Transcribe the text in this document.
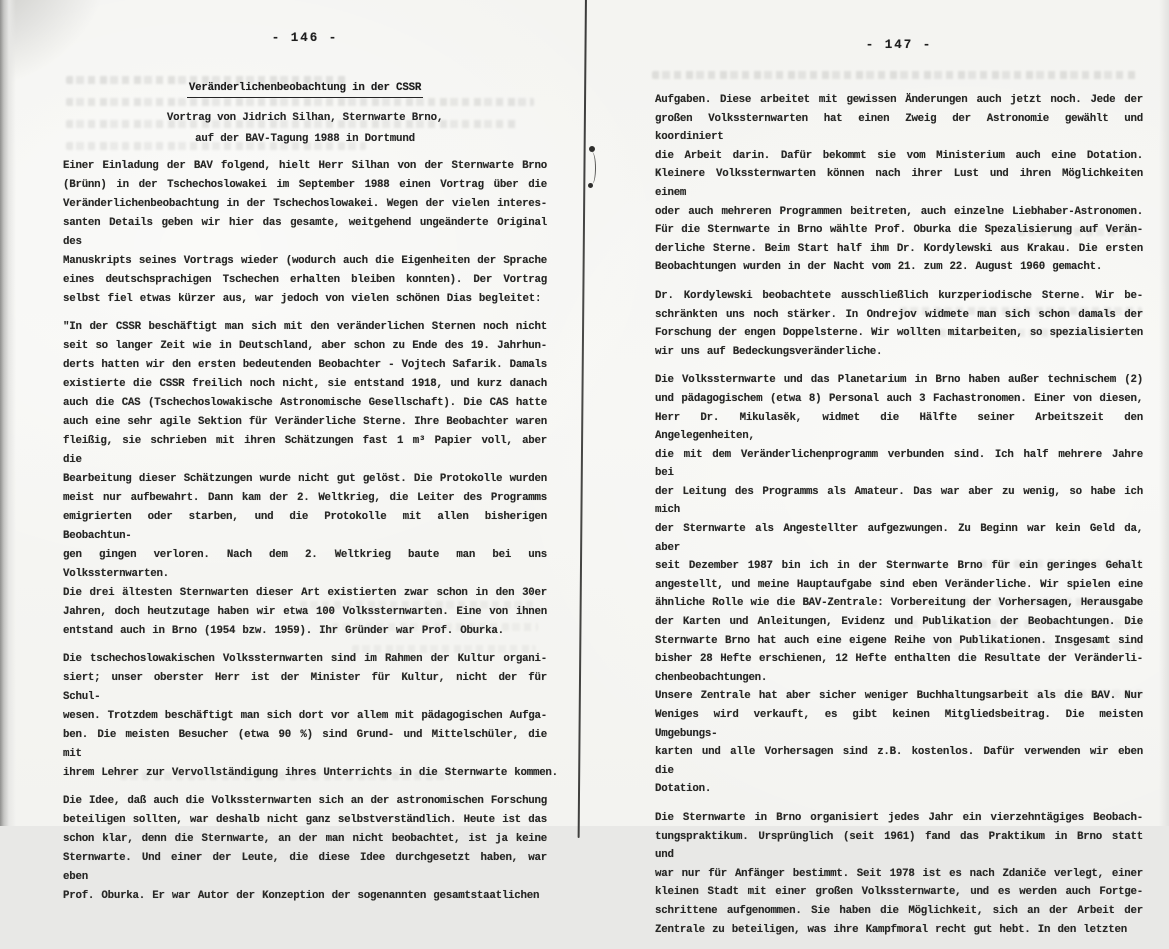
- 146 -
Veränderlichenbeobachtung in der CSSR
Vortrag von Jidrich Silhan, Sternwarte Brno,
auf der BAV-Tagung 1988 in Dortmund
Einer Einladung der BAV folgend, hielt Herr Silhan von der Sternwarte Brno
(Brünn) in der Tschechoslowakei im September 1988 einen Vortrag über die
Veränderlichenbeobachtung in der Tschechoslowakei. Wegen der vielen interes-
santen Details geben wir hier das gesamte, weitgehend ungeänderte Original des
Manuskripts seines Vortrags wieder (wodurch auch die Eigenheiten der Sprache
eines deutschsprachigen Tschechen erhalten bleiben konnten). Der Vortrag
selbst fiel etwas kürzer aus, war jedoch von vielen schönen Dias begleitet:
"In der CSSR beschäftigt man sich mit den veränderlichen Sternen noch nicht
seit so langer Zeit wie in Deutschland, aber schon zu Ende des 19. Jahrhun-
derts hatten wir den ersten bedeutenden Beobachter - Vojtech Safarik. Damals
existierte die CSSR freilich noch nicht, sie entstand 1918, und kurz danach
auch die CAS (Tschechoslowakische Astronomische Gesellschaft). Die CAS hatte
auch eine sehr agile Sektion für Veränderliche Sterne. Ihre Beobachter waren
fleißig, sie schrieben mit ihren Schätzungen fast 1 m³ Papier voll, aber die
Bearbeitung dieser Schätzungen wurde nicht gut gelöst. Die Protokolle wurden
meist nur aufbewahrt. Dann kam der 2. Weltkrieg, die Leiter des Programms
emigrierten oder starben, und die Protokolle mit allen bisherigen Beobachtun-
gen gingen verloren. Nach dem 2. Weltkrieg baute man bei uns Volkssternwarten.
Die drei ältesten Sternwarten dieser Art existierten zwar schon in den 30er
Jahren, doch heutzutage haben wir etwa 100 Volkssternwarten. Eine von ihnen
entstand auch in Brno (1954 bzw. 1959). Ihr Gründer war Prof. Oburka.
Die tschechoslowakischen Volkssternwarten sind im Rahmen der Kultur organi-
siert; unser oberster Herr ist der Minister für Kultur, nicht der für Schul-
wesen. Trotzdem beschäftigt man sich dort vor allem mit pädagogischen Aufga-
ben. Die meisten Besucher (etwa 90 %) sind Grund- und Mittelschüler, die mit
ihrem Lehrer zur Vervollständigung ihres Unterrichts in die Sternwarte kommen.
Die Idee, daß auch die Volkssternwarten sich an der astronomischen Forschung
beteiligen sollten, war deshalb nicht ganz selbstverständlich. Heute ist das
schon klar, denn die Sternwarte, an der man nicht beobachtet, ist ja keine
Sternwarte. Und einer der Leute, die diese Idee durchgesetzt haben, war eben
Prof. Oburka. Er war Autor der Konzeption der sogenannten gesamtstaatlichen
- 147 -
Aufgaben. Diese arbeitet mit gewissen Änderungen auch jetzt noch. Jede der
großen Volkssternwarten hat einen Zweig der Astronomie gewählt und koordiniert
die Arbeit darin. Dafür bekommt sie vom Ministerium auch eine Dotation.
Kleinere Volkssternwarten können nach ihrer Lust und ihren Möglichkeiten einem
oder auch mehreren Programmen beitreten, auch einzelne Liebhaber-Astronomen.
Für die Sternwarte in Brno wählte Prof. Oburka die Spezalisierung auf Verän-
derliche Sterne. Beim Start half ihm Dr. Kordylewski aus Krakau. Die ersten
Beobachtungen wurden in der Nacht vom 21. zum 22. August 1960 gemacht.
Dr. Kordylewski beobachtete ausschließlich kurzperiodische Sterne. Wir be-
schränkten uns noch stärker. In Ondrejov widmete man sich schon damals der
Forschung der engen Doppelsterne. Wir wollten mitarbeiten, so spezialisierten
wir uns auf Bedeckungsveränderliche.
Die Volkssternwarte und das Planetarium in Brno haben außer technischem (2)
und pädagogischem (etwa 8) Personal auch 3 Fachastronomen. Einer von diesen,
Herr Dr. Mikulasěk, widmet die Hälfte seiner Arbeitszeit den Angelegenheiten,
die mit dem Veränderlichenprogramm verbunden sind. Ich half mehrere Jahre bei
der Leitung des Programms als Amateur. Das war aber zu wenig, so habe ich mich
der Sternwarte als Angestellter aufgezwungen. Zu Beginn war kein Geld da, aber
seit Dezember 1987 bin ich in der Sternwarte Brno für ein geringes Gehalt
angestellt, und meine Hauptaufgabe sind eben Veränderliche. Wir spielen eine
ähnliche Rolle wie die BAV-Zentrale: Vorbereitung der Vorhersagen, Herausgabe
der Karten und Anleitungen, Evidenz und Publikation der Beobachtungen. Die
Sternwarte Brno hat auch eine eigene Reihe von Publikationen. Insgesamt sind
bisher 28 Hefte erschienen, 12 Hefte enthalten die Resultate der Veränderli-
chenbeobachtungen.
Unsere Zentrale hat aber sicher weniger Buchhaltungsarbeit als die BAV. Nur
Weniges wird verkauft, es gibt keinen Mitgliedsbeitrag. Die meisten Umgebungs-
karten und alle Vorhersagen sind z.B. kostenlos. Dafür verwenden wir eben die
Dotation.
Die Sternwarte in Brno organisiert jedes Jahr ein vierzehntägiges Beobach-
tungspraktikum. Ursprünglich (seit 1961) fand das Praktikum in Brno statt und
war nur für Anfänger bestimmt. Seit 1978 ist es nach Zdaniče verlegt, einer
kleinen Stadt mit einer großen Volkssternwarte, und es werden auch Fortge-
schrittene aufgenommen. Sie haben die Möglichkeit, sich an der Arbeit der
Zentrale zu beteiligen, was ihre Kampfmoral recht gut hebt. In den letzten
